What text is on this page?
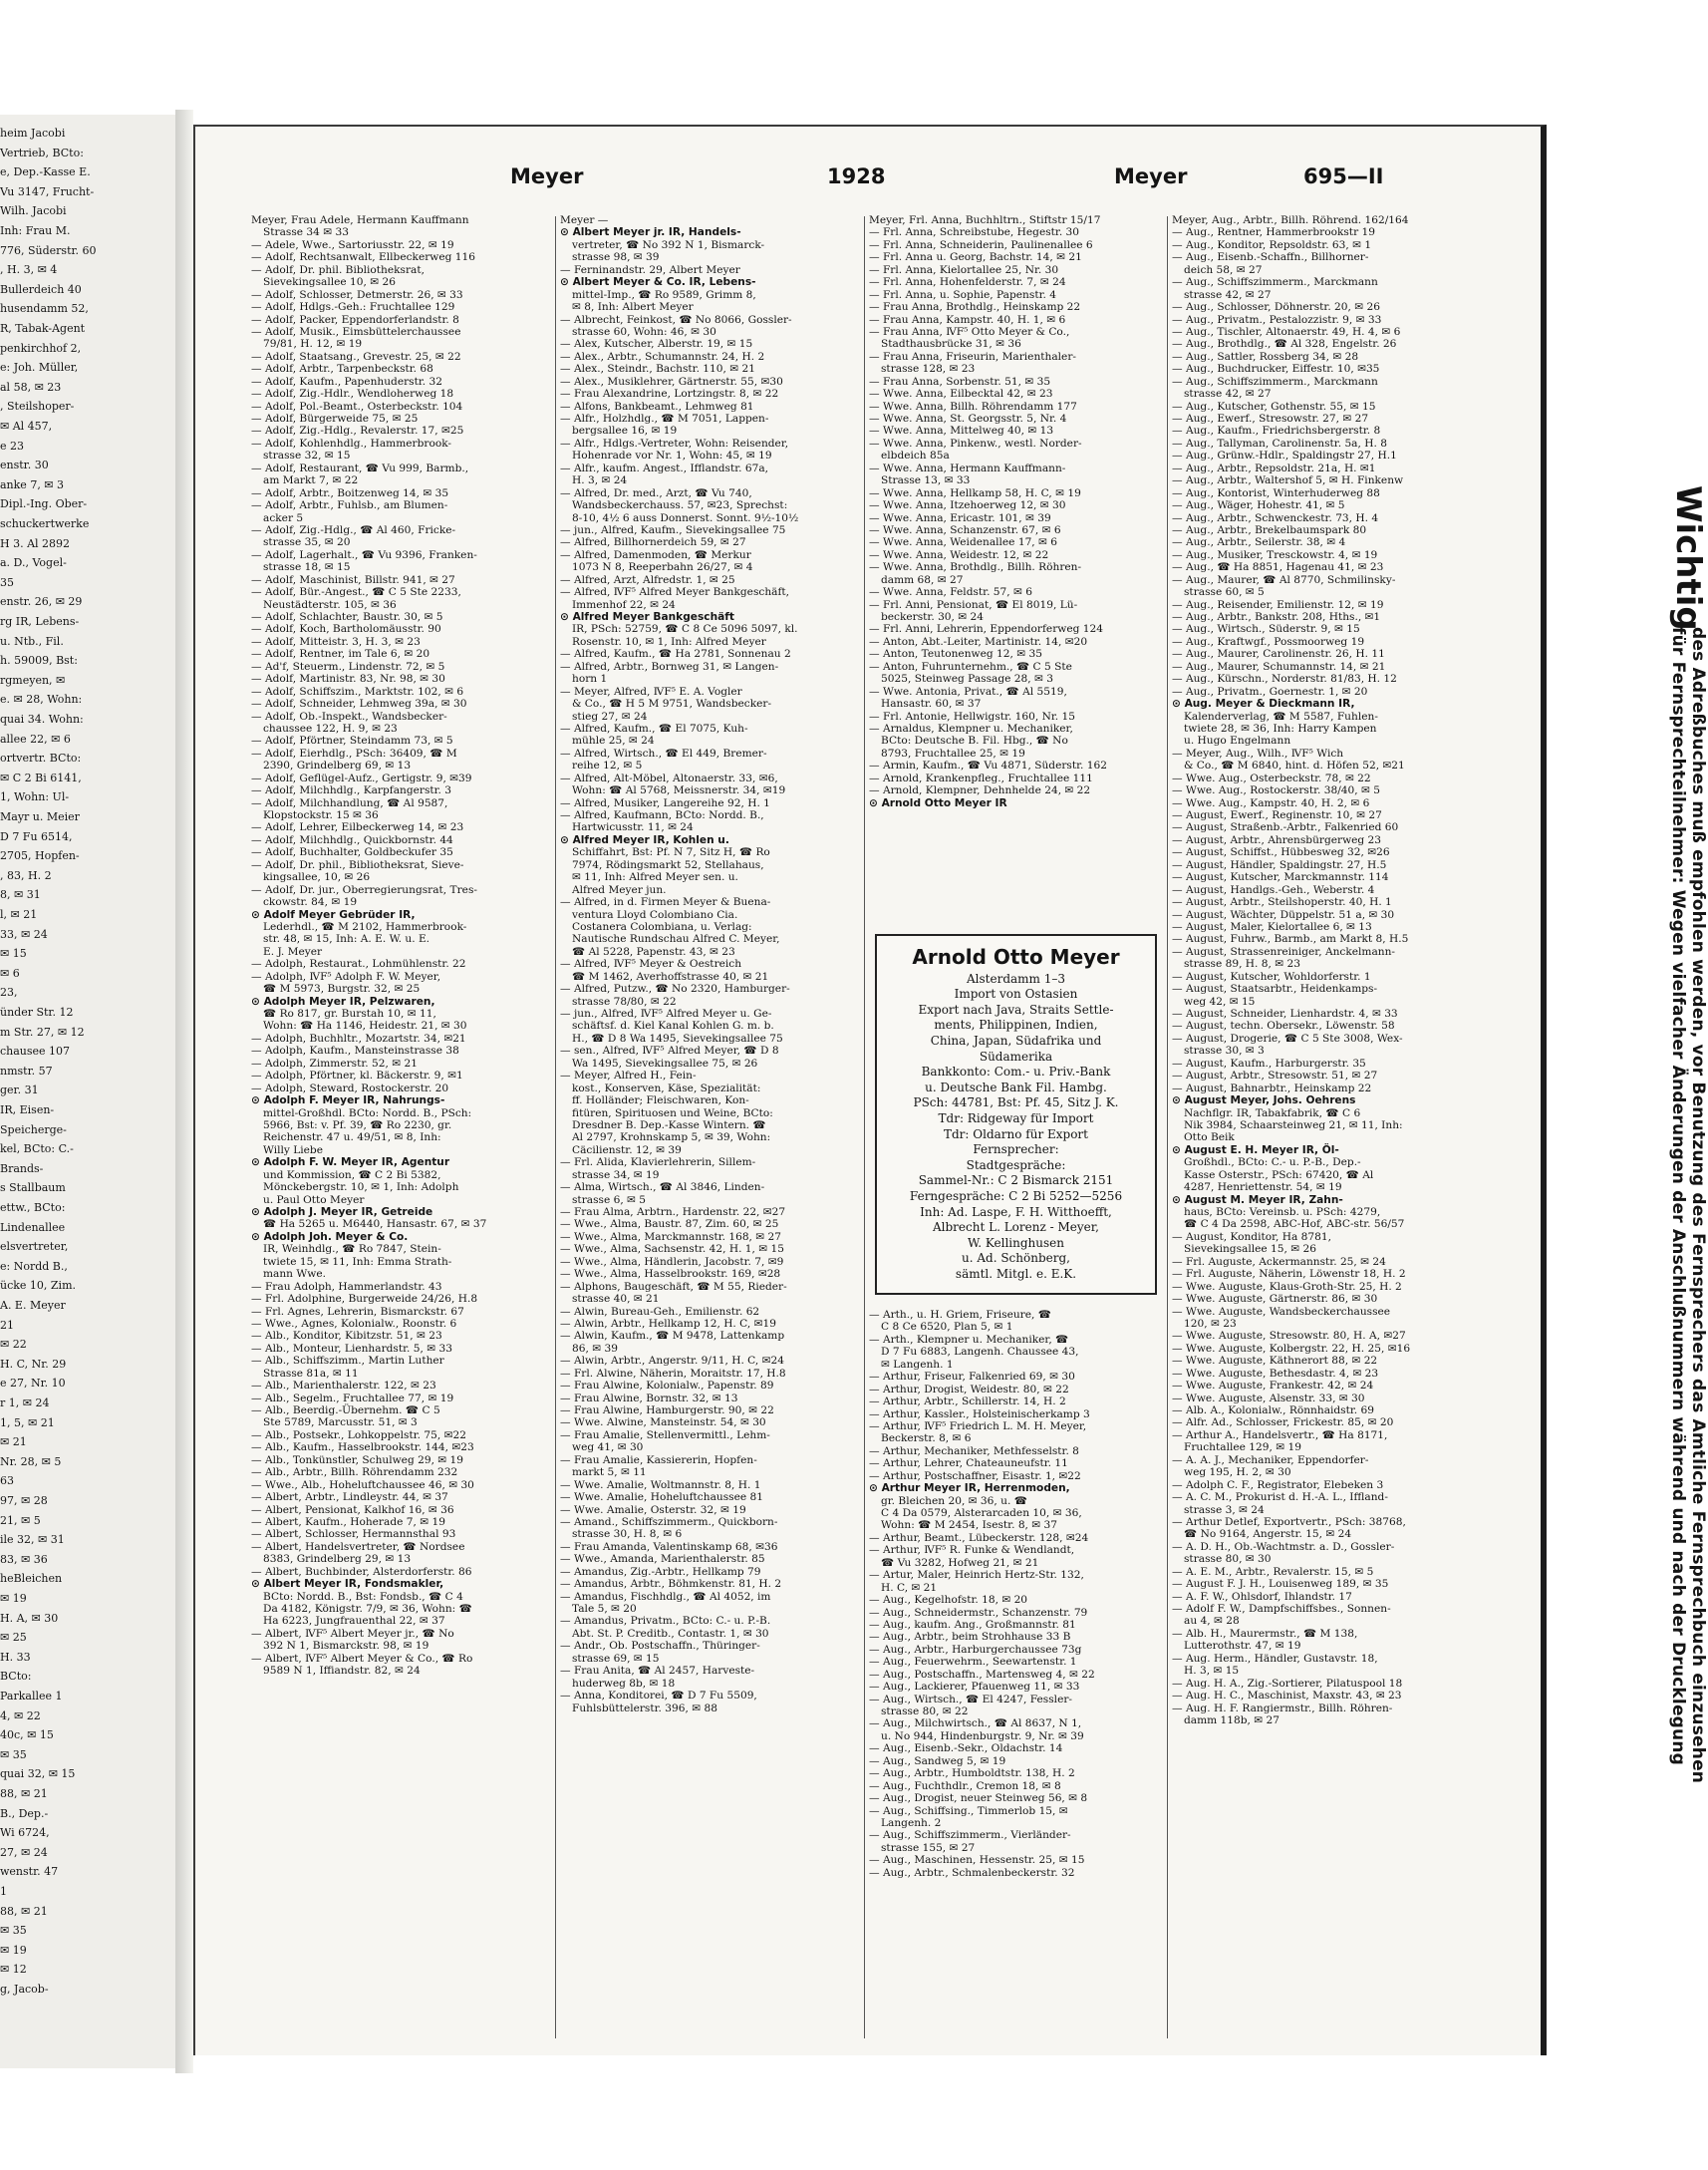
heim Jacobi
Vertrieb, BCto:
e, Dep.-Kasse E.
Vu 3147, Frucht-
Wilh. Jacobi
Inh: Frau M.
776, Süderstr. 60
, H. 3, ✉ 4
Bullerdeich 40
husendamm 52,
R, Tabak-Agent
penkirchhof 2,
e: Joh. Müller,
al 58, ✉ 23
, Steilshoper-
✉ Al 457,
e 23
enstr. 30
anke 7, ✉ 3
Dipl.-Ing. Ober-
schuckertwerke
H 3. Al 2892
a. D., Vogel-
35
enstr. 26, ✉ 29
rg IR, Lebens-
u. Ntb., Fil.
h. 59009, Bst:
rgmeyen, ✉
e. ✉ 28, Wohn:
quai 34. Wohn:
allee 22, ✉ 6
ortvertr. BCto:
✉ C 2 Bi 6141,
1, Wohn: Ul-
Mayr u. Meier
D 7 Fu 6514,
2705, Hopfen-
, 83, H. 2
8, ✉ 31
l, ✉ 21
33, ✉ 24
✉ 15
✉ 6
23,
ünder Str. 12
m Str. 27, ✉ 12
chausee 107
nmstr. 57
ger. 31
IR, Eisen-
Speicherge-
kel, BCto: C.-
Brands-
s Stallbaum
ettw., BCto:
Lindenallee
elsvertreter,
e: Nordd B.,
ücke 10, Zim.
A. E. Meyer
21
✉ 22
H. C, Nr. 29
e 27, Nr. 10
r 1, ✉ 24
1, 5, ✉ 21
✉ 21
Nr. 28, ✉ 5
63
97, ✉ 28
21, ✉ 5
ile 32, ✉ 31
83, ✉ 36
heBleichen
✉ 19
H. A, ✉ 30
✉ 25
H. 33
BCto:
Parkallee 1
4, ✉ 22
40c, ✉ 15
✉ 35
quai 32, ✉ 15
88, ✉ 21
B., Dep.-
Wi 6724,
27, ✉ 24
wenstr. 47
1
88, ✉ 21
✉ 35
✉ 19
✉ 12
g, Jacob-
Meyer	1928	Meyer	695—II
Meyer, Frau Adele, Hermann Kauffmann
Strasse 34 ✉ 33
— Adele, Wwe., Sartoriusstr. 22, ✉ 19
— Adolf, Rechtsanwalt, Ellbeckerweg 116
— Adolf, Dr. phil. Bibliotheksrat,
Sievekingsallee 10, ✉ 26
— Adolf, Schlosser, Detmerstr. 26, ✉ 33
— Adolf, Hdlgs.-Geh.: Fruchtallee 129
— Adolf, Packer, Eppendorferlandstr. 8
— Adolf, Musik., Eimsbüttelerchaussee
79/81, H. 12, ✉ 19
— Adolf, Staatsang., Grevestr. 25, ✉ 22
— Adolf, Arbtr., Tarpenbeckstr. 68
— Adolf, Kaufm., Papenhuderstr. 32
— Adolf, Zig.-Hdlr., Wendloherweg 18
— Adolf, Pol.-Beamt., Osterbeckstr. 104
— Adolf, Bürgerweide 75, ✉ 25
— Adolf, Zig.-Hdlg., Revalerstr. 17, ✉25
— Adolf, Kohlenhdlg., Hammerbrook-
strasse 32, ✉ 15
— Adolf, Restaurant, ☎ Vu 999, Barmb.,
am Markt 7, ✉ 22
— Adolf, Arbtr., Boitzenweg 14, ✉ 35
— Adolf, Arbtr., Fuhlsb., am Blumen-
acker 5
— Adolf, Zig.-Hdlg., ☎ Al 460, Fricke-
strasse 35, ✉ 20
— Adolf, Lagerhalt., ☎ Vu 9396, Franken-
strasse 18, ✉ 15
— Adolf, Maschinist, Billstr. 941, ✉ 27
— Adolf, Bür.-Angest., ☎ C 5 Ste 2233,
Neustädterstr. 105, ✉ 36
— Adolf, Schlachter, Baustr. 30, ✉ 5
— Adolf, Koch, Bartholomäusstr. 90
— Adolf, Mitteistr. 3, H. 3, ✉ 23
— Adolf, Rentner, im Tale 6, ✉ 20
— Ad'f, Steuerm., Lindenstr. 72, ✉ 5
— Adolf, Martinistr. 83, Nr. 98, ✉ 30
— Adolf, Schiffszim., Marktstr. 102, ✉ 6
— Adolf, Schneider, Lehmweg 39a, ✉ 30
— Adolf, Ob.-Inspekt., Wandsbecker-
chaussee 122, H. 9, ✉ 23
— Adolf, Pförtner, Steindamm 73, ✉ 5
— Adolf, Eierhdlg., PSch: 36409, ☎ M
2390, Grindelberg 69, ✉ 13
— Adolf, Geflügel-Aufz., Gertigstr. 9, ✉39
— Adolf, Milchhdlg., Karpfangerstr. 3
— Adolf, Milchhandlung, ☎ Al 9587,
Klopstockstr. 15 ✉ 36
— Adolf, Lehrer, Eilbeckerweg 14, ✉ 23
— Adolf, Milchhdlg., Quickbornstr. 44
— Adolf, Buchhalter, Goldbeckufer 35
— Adolf, Dr. phil., Bibliotheksrat, Sieve-
kingsallee, 10, ✉ 26
— Adolf, Dr. jur., Oberregierungsrat, Tres-
ckowstr. 84, ✉ 19
⊙ Adolf Meyer Gebrüder IR,
Lederhdl., ☎ M 2102, Hammerbrook-
str. 48, ✉ 15, Inh: A. E. W. u. E.
E. J. Meyer
— Adolph, Restaurat., Lohmühlenstr. 22
— Adolph, ⅣF⁵ Adolph F. W. Meyer,
☎ M 5973, Burgstr. 32, ✉ 25
⊙ Adolph Meyer IR, Pelzwaren,
☎ Ro 817, gr. Burstah 10, ✉ 11,
Wohn: ☎ Ha 1146, Heidestr. 21, ✉ 30
— Adolph, Buchhltr., Mozartstr. 34, ✉21
— Adolph, Kaufm., Mansteinstrasse 38
— Adolph, Zimmerstr. 52, ✉ 21
— Adolph, Pförtner, kl. Bäckerstr. 9, ✉1
— Adolph, Steward, Rostockerstr. 20
⊙ Adolph F. Meyer IR, Nahrungs-
mittel-Großhdl. BCto: Nordd. B., PSch:
5966, Bst: v. Pf. 39, ☎ Ro 2230, gr.
Reichenstr. 47 u. 49/51, ✉ 8, Inh:
Willy Liebe
⊙ Adolph F. W. Meyer IR, Agentur
und Kommission, ☎ C 2 Bi 5382,
Mönckebergstr. 10, ✉ 1, Inh: Adolph
u. Paul Otto Meyer
⊙ Adolph J. Meyer IR, Getreide
☎ Ha 5265 u. M6440, Hansastr. 67, ✉ 37
⊙ Adolph Joh. Meyer & Co.
IR, Weinhdlg., ☎ Ro 7847, Stein-
twiete 15, ✉ 11, Inh: Emma Strath-
mann Wwe.
— Frau Adolph, Hammerlandstr. 43
— Frl. Adolphine, Burgerweide 24/26, H.8
— Frl. Agnes, Lehrerin, Bismarckstr. 67
— Wwe., Agnes, Kolonialw., Roonstr. 6
— Alb., Konditor, Kibitzstr. 51, ✉ 23
— Alb., Monteur, Lienhardstr. 5, ✉ 33
— Alb., Schiffszimm., Martin Luther
Strasse 81a, ✉ 11
— Alb., Marienthalerstr. 122, ✉ 23
— Alb., Segelm., Fruchtallee 77, ✉ 19
— Alb., Beerdig.-Übernehm. ☎ C 5
Ste 5789, Marcusstr. 51, ✉ 3
— Alb., Postsekr., Lohkoppelstr. 75, ✉22
— Alb., Kaufm., Hasselbrookstr. 144, ✉23
— Alb., Tonkünstler, Schulweg 29, ✉ 19
— Alb., Arbtr., Billh. Röhrendamm 232
— Wwe., Alb., Hoheluftchaussee 46, ✉ 30
— Albert, Arbtr., Lindleystr. 44, ✉ 37
— Albert, Pensionat, Kalkhof 16, ✉ 36
— Albert, Kaufm., Hoherade 7, ✉ 19
— Albert, Schlosser, Hermannsthal 93
— Albert, Handelsvertreter, ☎ Nordsee
8383, Grindelberg 29, ✉ 13
— Albert, Buchbinder, Alsterdorferstr. 86
⊙ Albert Meyer IR, Fondsmakler,
BCto: Nordd. B., Bst: Fondsb., ☎ C 4
Da 4182, Königstr. 7/9, ✉ 36, Wohn: ☎
Ha 6223, Jungfrauenthal 22, ✉ 37
— Albert, ⅣF⁵ Albert Meyer jr., ☎ No
392 N 1, Bismarckstr. 98, ✉ 19
— Albert, ⅣF⁵ Albert Meyer & Co., ☎ Ro
9589 N 1, Iffiandstr. 82, ✉ 24
Meyer —
⊙ Albert Meyer jr. IR, Handels-
vertreter, ☎ No 392 N 1, Bismarck-
strasse 98, ✉ 39
— Ferninandstr. 29, Albert Meyer
⊙ Albert Meyer & Co. IR, Lebens-
mittel-Imp., ☎ Ro 9589, Grimm 8,
✉ 8, Inh: Albert Meyer
— Albrecht, Feinkost, ☎ No 8066, Gossler-
strasse 60, Wohn: 46, ✉ 30
— Alex, Kutscher, Alberstr. 19, ✉ 15
— Alex., Arbtr., Schumannstr. 24, H. 2
— Alex., Steindr., Bachstr. 110, ✉ 21
— Alex., Musiklehrer, Gärtnerstr. 55, ✉30
— Frau Alexandrine, Lortzingstr. 8, ✉ 22
— Alfons, Bankbeamt., Lehmweg 81
— Alfr., Holzhdlg., ☎ M 7051, Lappen-
bergsallee 16, ✉ 19
— Alfr., Hdlgs.-Vertreter, Wohn: Reisender,
Hohenrade vor Nr. 1, Wohn: 45, ✉ 19
— Alfr., kaufm. Angest., Ifflandstr. 67a,
H. 3, ✉ 24
— Alfred, Dr. med., Arzt, ☎ Vu 740,
Wandsbeckerchauss. 57, ✉23, Sprechst:
8-10, 4½ 6 auss Donnerst. Sonnt. 9½-10½
— jun., Alfred, Kaufm., Sievekingsallee 75
— Alfred, Billhornerdeich 59, ✉ 27
— Alfred, Damenmoden, ☎ Merkur
1073 N 8, Reeperbahn 26/27, ✉ 4
— Alfred, Arzt, Alfredstr. 1, ✉ 25
— Alfred, ⅣF⁵ Alfred Meyer Bankgeschäft,
Immenhof 22, ✉ 24
⊙ Alfred Meyer Bankgeschäft
IR, PSch: 52759, ☎ C 8 Ce 5096 5097, kl.
Rosenstr. 10, ✉ 1, Inh: Alfred Meyer
— Alfred, Kaufm., ☎ Ha 2781, Sonnenau 2
— Alfred, Arbtr., Bornweg 31, ✉ Langen-
horn 1
— Meyer, Alfred, ⅣF⁵ E. A. Vogler
& Co., ☎ H 5 M 9751, Wandsbecker-
stieg 27, ✉ 24
— Alfred, Kaufm., ☎ El 7075, Kuh-
mühle 25, ✉ 24
— Alfred, Wirtsch., ☎ El 449, Bremer-
reihe 12, ✉ 5
— Alfred, Alt-Möbel, Altonaerstr. 33, ✉6,
Wohn: ☎ Al 5768, Meissnerstr. 34, ✉19
— Alfred, Musiker, Langereihe 92, H. 1
— Alfred, Kaufmann, BCto: Nordd. B.,
Hartwicusstr. 11, ✉ 24
⊙ Alfred Meyer IR, Kohlen u.
Schiffahrt, Bst: Pf. N 7, Sitz H, ☎ Ro
7974, Rödingsmarkt 52, Stellahaus,
✉ 11, Inh: Alfred Meyer sen. u.
Alfred Meyer jun.
— Alfred, in d. Firmen Meyer & Buena-
ventura Lloyd Colombiano Cia.
Costanera Colombiana, u. Verlag:
Nautische Rundschau Alfred C. Meyer,
☎ Al 5228, Papenstr. 43, ✉ 23
— Alfred, ⅣF⁵ Meyer & Oestreich
☎ M 1462, Averhoffstrasse 40, ✉ 21
— Alfred, Putzw., ☎ No 2320, Hamburger-
strasse 78/80, ✉ 22
— jun., Alfred, ⅣF⁵ Alfred Meyer u. Ge-
schäftsf. d. Kiel Kanal Kohlen G. m. b.
H., ☎ D 8 Wa 1495, Sievekingsallee 75
— sen., Alfred, ⅣF⁵ Alfred Meyer, ☎ D 8
Wa 1495, Sievekingsallee 75, ✉ 26
— Meyer, Alfred H., Fein-
kost., Konserven, Käse, Spezialität:
ff. Holländer; Fleischwaren, Kon-
fitüren, Spirituosen und Weine, BCto:
Dresdner B. Dep.-Kasse Wintern. ☎
Al 2797, Krohnskamp 5, ✉ 39, Wohn:
Cäcilienstr. 12, ✉ 39
— Frl. Alida, Klavierlehrerin, Sillem-
strasse 34, ✉ 19
— Alma, Wirtsch., ☎ Al 3846, Linden-
strasse 6, ✉ 5
— Frau Alma, Arbtrn., Hardenstr. 22, ✉27
— Wwe., Alma, Baustr. 87, Zim. 60, ✉ 25
— Wwe., Alma, Marckmannstr. 168, ✉ 27
— Wwe., Alma, Sachsenstr. 42, H. 1, ✉ 15
— Wwe., Alma, Händlerin, Jacobstr. 7, ✉9
— Wwe., Alma, Hasselbrookstr. 169, ✉28
— Alphons, Baugeschäft, ☎ M 55, Rieder-
strasse 40, ✉ 21
— Alwin, Bureau-Geh., Emilienstr. 62
— Alwin, Arbtr., Hellkamp 12, H. C, ✉19
— Alwin, Kaufm., ☎ M 9478, Lattenkamp
86, ✉ 39
— Alwin, Arbtr., Angerstr. 9/11, H. C, ✉24
— Frl. Alwine, Näherin, Moraitstr. 17, H.8
— Frau Alwine, Kolonialw., Papenstr. 89
— Frau Alwine, Bornstr. 32, ✉ 13
— Frau Alwine, Hamburgerstr. 90, ✉ 22
— Wwe. Alwine, Mansteinstr. 54, ✉ 30
— Frau Amalie, Stellenvermittl., Lehm-
weg 41, ✉ 30
— Frau Amalie, Kassiererin, Hopfen-
markt 5, ✉ 11
— Wwe. Amalie, Woltmannstr. 8, H. 1
— Wwe. Amalie, Hoheluftchaussee 81
— Wwe. Amalie, Osterstr. 32, ✉ 19
— Amand., Schiffszimmerm., Quickborn-
strasse 30, H. 8, ✉ 6
— Frau Amanda, Valentinskamp 68, ✉36
— Wwe., Amanda, Marienthalerstr. 85
— Amandus, Zig.-Arbtr., Hellkamp 79
— Amandus, Arbtr., Böhmkenstr. 81, H. 2
— Amandus, Fischhdlg., ☎ Al 4052, im
Tale 5, ✉ 20
— Amandus, Privatm., BCto: C.- u. P.-B.
Abt. St. P. Creditb., Contastr. 1, ✉ 30
— Andr., Ob. Postschaffn., Thüringer-
strasse 69, ✉ 15
— Frau Anita, ☎ Al 2457, Harveste-
huderweg 8b, ✉ 18
— Anna, Konditorei, ☎ D 7 Fu 5509,
Fuhlsbüttelerstr. 396, ✉ 88
Meyer, Frl. Anna, Buchhltrn., Stiftstr 15/17
— Frl. Anna, Schreibstube, Hegestr. 30
— Frl. Anna, Schneiderin, Paulinenallee 6
— Frl. Anna u. Georg, Bachstr. 14, ✉ 21
— Frl. Anna, Kielortallee 25, Nr. 30
— Frl. Anna, Hohenfelderstr. 7, ✉ 24
— Frl. Anna, u. Sophie, Papenstr. 4
— Frau Anna, Brothdlg., Heinskamp 22
— Frau Anna, Kampstr. 40, H. 1, ✉ 6
— Frau Anna, ⅣF⁵ Otto Meyer & Co.,
Stadthausbrücke 31, ✉ 36
— Frau Anna, Friseurin, Marienthaler-
strasse 128, ✉ 23
— Frau Anna, Sorbenstr. 51, ✉ 35
— Wwe. Anna, Eilbecktal 42, ✉ 23
— Wwe. Anna, Billh. Röhrendamm 177
— Wwe. Anna, St. Georgsstr. 5, Nr. 4
— Wwe. Anna, Mittelweg 40, ✉ 13
— Wwe. Anna, Pinkenw., westl. Norder-
elbdeich 85a
— Wwe. Anna, Hermann Kauffmann-
Strasse 13, ✉ 33
— Wwe. Anna, Hellkamp 58, H. C, ✉ 19
— Wwe. Anna, Itzehoerweg 12, ✉ 30
— Wwe. Anna, Ericastr. 101, ✉ 39
— Wwe. Anna, Schanzenstr. 67, ✉ 6
— Wwe. Anna, Weidenallee 17, ✉ 6
— Wwe. Anna, Weidestr. 12, ✉ 22
— Wwe. Anna, Brothdlg., Billh. Röhren-
damm 68, ✉ 27
— Wwe. Anna, Feldstr. 57, ✉ 6
— Frl. Anni, Pensionat, ☎ El 8019, Lü-
beckerstr. 30, ✉ 24
— Frl. Anni, Lehrerin, Eppendorferweg 124
— Anton, Abt.-Leiter, Martinistr. 14, ✉20
— Anton, Teutonenweg 12, ✉ 35
— Anton, Fuhrunternehm., ☎ C 5 Ste
5025, Steinweg Passage 28, ✉ 3
— Wwe. Antonia, Privat., ☎ Al 5519,
Hansastr. 60, ✉ 37
— Frl. Antonie, Hellwigstr. 160, Nr. 15
— Arnaldus, Klempner u. Mechaniker,
BCto: Deutsche B. Fil. Hbg., ☎ No
8793, Fruchtallee 25, ✉ 19
— Armin, Kaufm., ☎ Vu 4871, Süderstr. 162
— Arnold, Krankenpfleg., Fruchtallee 111
— Arnold, Klempner, Dehnhelde 24, ✉ 22
⊙ Arnold Otto Meyer IR
— Arth., u. H. Griem, Friseure, ☎
C 8 Ce 6520, Plan 5, ✉ 1
— Arth., Klempner u. Mechaniker, ☎
D 7 Fu 6883, Langenh. Chaussee 43,
✉ Langenh. 1
— Arthur, Friseur, Falkenried 69, ✉ 30
— Arthur, Drogist, Weidestr. 80, ✉ 22
— Arthur, Arbtr., Schillerstr. 14, H. 2
— Arthur, Kassler., Holsteinischerkamp 3
— Arthur, ⅣF⁵ Friedrich L. M. H. Meyer,
Beckerstr. 8, ✉ 6
— Arthur, Mechaniker, Methfesselstr. 8
— Arthur, Lehrer, Chateauneufstr. 11
— Arthur, Postschaffner, Eisastr. 1, ✉22
⊙ Arthur Meyer IR, Herrenmoden,
gr. Bleichen 20, ✉ 36, u. ☎
C 4 Da 0579, Alsterarcaden 10, ✉ 36,
Wohn: ☎ M 2454, Isestr. 8, ✉ 37
— Arthur, Beamt., Lübeckerstr. 128, ✉24
— Arthur, ⅣF⁵ R. Funke & Wendlandt,
☎ Vu 3282, Hofweg 21, ✉ 21
— Artur, Maler, Heinrich Hertz-Str. 132,
H. C, ✉ 21
— Aug., Kegelhofstr. 18, ✉ 20
— Aug., Schneidermstr., Schanzenstr. 79
— Aug., kaufm. Ang., Großmannstr. 81
— Aug., Arbtr., beim Strohhause 33 B
— Aug., Arbtr., Harburgerchaussee 73g
— Aug., Feuerwehrm., Seewartenstr. 1
— Aug., Postschaffn., Martensweg 4, ✉ 22
— Aug., Lackierer, Pfauenweg 11, ✉ 33
— Aug., Wirtsch., ☎ El 4247, Fessler-
strasse 80, ✉ 22
— Aug., Milchwirtsch., ☎ Al 8637, N 1,
u. No 944, Hindenburgstr. 9, Nr. ✉ 39
— Aug., Eisenb.-Sekr., Oldachstr. 14
— Aug., Sandweg 5, ✉ 19
— Aug., Arbtr., Humboldtstr. 138, H. 2
— Aug., Fuchthdlr., Cremon 18, ✉ 8
— Aug., Drogist, neuer Steinweg 56, ✉ 8
— Aug., Schiffsing., Timmerlob 15, ✉
Langenh. 2
— Aug., Schiffszimmerm., Vierländer-
strasse 155, ✉ 27
— Aug., Maschinen, Hessenstr. 25, ✉ 15
— Aug., Arbtr., Schmalenbeckerstr. 32
Meyer, Aug., Arbtr., Billh. Röhrend. 162/164
— Aug., Rentner, Hammerbrookstr 19
— Aug., Konditor, Repsoldstr. 63, ✉ 1
— Aug., Eisenb.-Schaffn., Billhorner-
deich 58, ✉ 27
— Aug., Schiffszimmerm., Marckmann
strasse 42, ✉ 27
— Aug., Schlosser, Döhnerstr. 20, ✉ 26
— Aug., Privatm., Pestalozzistr. 9, ✉ 33
— Aug., Tischler, Altonaerstr. 49, H. 4, ✉ 6
— Aug., Brothdlg., ☎ Al 328, Engelstr. 26
— Aug., Sattler, Rossberg 34, ✉ 28
— Aug., Buchdrucker, Eiffestr. 10, ✉35
— Aug., Schiffszimmerm., Marckmann
strasse 42, ✉ 27
— Aug., Kutscher, Gothenstr. 55, ✉ 15
— Aug., Ewerf., Stresowstr. 27, ✉ 27
— Aug., Kaufm., Friedrichsbergerstr. 8
— Aug., Tallyman, Carolinenstr. 5a, H. 8
— Aug., Grünw.-Hdlr., Spaldingstr 27, H.1
— Aug., Arbtr., Repsoldstr. 21a, H. ✉1
— Aug., Arbtr., Waltershof 5, ✉ H. Finkenw
— Aug., Kontorist, Winterhuderweg 88
— Aug., Wäger, Hohestr. 41, ✉ 5
— Aug., Arbtr., Schwenckestr. 73, H. 4
— Aug., Arbtr., Brekelbaumspark 80
— Aug., Arbtr., Seilerstr. 38, ✉ 4
— Aug., Musiker, Tresckowstr. 4, ✉ 19
— Aug., ☎ Ha 8851, Hagenau 41, ✉ 23
— Aug., Maurer, ☎ Al 8770, Schmilinsky-
strasse 60, ✉ 5
— Aug., Reisender, Emilienstr. 12, ✉ 19
— Aug., Arbtr., Bankstr. 208, Hths., ✉1
— Aug., Wirtsch., Süderstr. 9, ✉ 15
— Aug., Kraftwgf., Possmoorweg 19
— Aug., Maurer, Carolinenstr. 26, H. 11
— Aug., Maurer, Schumannstr. 14, ✉ 21
— Aug., Kürschn., Norderstr. 81/83, H. 12
— Aug., Privatm., Goernestr. 1, ✉ 20
⊙ Aug. Meyer & Dieckmann IR,
Kalenderverlag, ☎ M 5587, Fuhlen-
twiete 28, ✉ 36, Inh: Harry Kampen
u. Hugo Engelmann
— Meyer, Aug., Wilh., ⅣF⁵ Wich
& Co., ☎ M 6840, hint. d. Höfen 52, ✉21
— Wwe. Aug., Osterbeckstr. 78, ✉ 22
— Wwe. Aug., Rostockerstr. 38/40, ✉ 5
— Wwe. Aug., Kampstr. 40, H. 2, ✉ 6
— August, Ewerf., Reginenstr. 10, ✉ 27
— August, Straßenb.-Arbtr., Falkenried 60
— August, Arbtr., Ahrensbürgerweg 23
— August, Schiffst., Hübbesweg 32, ✉26
— August, Händler, Spaldingstr. 27, H.5
— August, Kutscher, Marckmannstr. 114
— August, Handlgs.-Geh., Weberstr. 4
— August, Arbtr., Steilshoperstr. 40, H. 1
— August, Wächter, Düppelstr. 51 a, ✉ 30
— August, Maler, Kielortallee 6, ✉ 13
— August, Fuhrw., Barmb., am Markt 8, H.5
— August, Strassenreiniger, Anckelmann-
strasse 89, H. 8, ✉ 23
— August, Kutscher, Wohldorferstr. 1
— August, Staatsarbtr., Heidenkamps-
weg 42, ✉ 15
— August, Schneider, Lienhardstr. 4, ✉ 33
— August, techn. Obersekr., Löwenstr. 58
— August, Drogerie, ☎ C 5 Ste 3008, Wex-
strasse 30, ✉ 3
— August, Kaufm., Harburgerstr. 35
— August, Arbtr., Stresowstr. 51, ✉ 27
— August, Bahnarbtr., Heinskamp 22
⊙ August Meyer, Johs. Oehrens
Nachflgr. IR, Tabakfabrik, ☎ C 6
Nik 3984, Schaarsteinweg 21, ✉ 11, Inh:
Otto Beik
⊙ August E. H. Meyer IR, Öl-
Großhdl., BCto: C.- u. P.-B., Dep.-
Kasse Osterstr., PSch: 67420, ☎ Al
4287, Henriettenstr. 54, ✉ 19
⊙ August M. Meyer IR, Zahn-
haus, BCto: Vereinsb. u. PSch: 4279,
☎ C 4 Da 2598, ABC-Hof, ABC-str. 56/57
— August, Konditor, Ha 8781,
Sievekingsallee 15, ✉ 26
— Frl. Auguste, Ackermannstr. 25, ✉ 24
— Frl. Auguste, Näherin, Löwenstr 18, H. 2
— Wwe. Auguste, Klaus-Groth-Str. 25, H. 2
— Wwe. Auguste, Gärtnerstr. 86, ✉ 30
— Wwe. Auguste, Wandsbeckerchaussee
120, ✉ 23
— Wwe. Auguste, Stresowstr. 80, H. A, ✉27
— Wwe. Auguste, Kolbergstr. 22, H. 25, ✉16
— Wwe. Auguste, Käthnerort 88, ✉ 22
— Wwe. Auguste, Bethesdastr. 4, ✉ 23
— Wwe. Auguste, Frankestr. 42, ✉ 24
— Wwe. Auguste, Alsenstr. 33, ✉ 30
— Alb. A., Kolonialw., Rönnhaidstr. 69
— Alfr. Ad., Schlosser, Frickestr. 85, ✉ 20
— Arthur A., Handelsvertr., ☎ Ha 8171,
Fruchtallee 129, ✉ 19
— A. A. J., Mechaniker, Eppendorfer-
weg 195, H. 2, ✉ 30
— Adolph C. F., Registrator, Elebeken 3
— A. C. M., Prokurist d. H.-A. L., Iffland-
strasse 3, ✉ 24
— Arthur Detlef, Exportvertr., PSch: 38768,
☎ No 9164, Angerstr. 15, ✉ 24
— A. D. H., Ob.-Wachtmstr. a. D., Gossler-
strasse 80, ✉ 30
— A. E. M., Arbtr., Revalerstr. 15, ✉ 5
— August F. J. H., Louisenweg 189, ✉ 35
— A. F. W., Ohlsdorf, Ihlandstr. 17
— Adolf F. W., Dampfschiffsbes., Sonnen-
au 4, ✉ 28
— Alb. H., Maurermstr., ☎ M 138,
Lutterothstr. 47, ✉ 19
— Aug. Herm., Händler, Gustavstr. 18,
H. 3, ✉ 15
— Aug. H. A., Zig.-Sortierer, Pilatuspool 18
— Aug. H. C., Maschinist, Maxstr. 43, ✉ 23
— Aug. H. F. Rangiermstr., Billh. Röhren-
damm 118b, ✉ 27
Wichtig
für Fernsprechteilnehmer: Wegen vielfacher Änderungen der Anschlußnummern während und nach der Drucklegung des Adreßbuches muß empfohlen werden, vor Benutzung des Fernsprechers das Amtliche Fernsprechbuch einzusehen
Arnold Otto Meyer
Alsterdamm 1–3
Import von Ostasien
Export nach Java, Straits Settle-
ments, Philippinen, Indien,
China, Japan, Südafrika und
Südamerika
Bankkonto: Com.- u. Priv.-Bank
u. Deutsche Bank Fil. Hambg.
PSch: 44781, Bst: Pf. 45, Sitz J. K.
Tdr: Ridgeway für Import
Tdr: Oldarno für Export
Fernsprecher:
Stadtgespräche:
Sammel-Nr.: C 2 Bismarck 2151
Ferngespräche: C 2 Bi 5252—5256
Inh: Ad. Laspe, F. H. Witthoefft,
Albrecht L. Lorenz - Meyer,
W. Kellinghusen
u. Ad. Schönberg,
sämtl. Mitgl. e. E.K.
